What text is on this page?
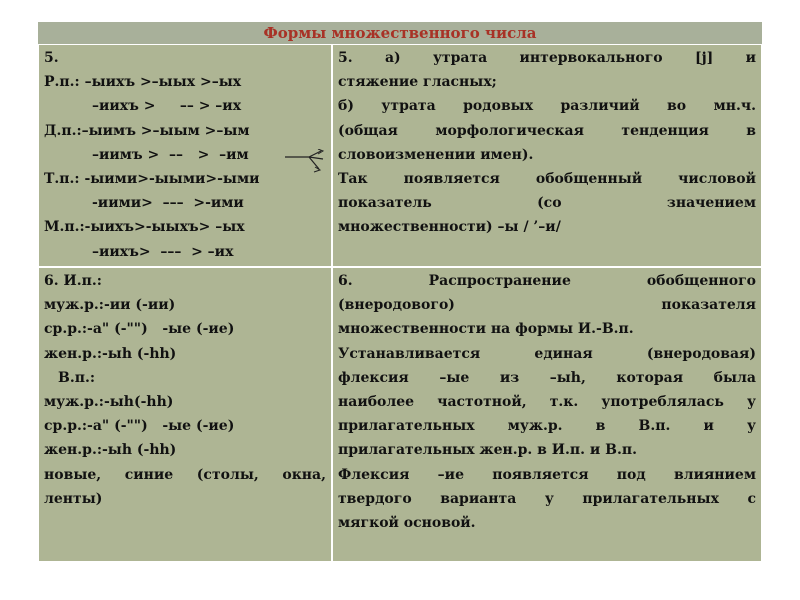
Формы множественного числа
5.
Р.п.: –ыихъ >–ыых >–ых
–иихъ >     –– > –их
Д.п.:–ыимъ >–ыым >–ым
–иимъ >  ––   >  –им
Т.п.: -ыими>-ыыми>-ыми
-иими>  –––  >-ими
М.п.:-ыихъ>-ыыхъ> –ых
–иихъ>  –––  > –их
5. а) утрата интервокального [j] и
стяжение гласных;
б) утрата родовых различий во мн.ч.
(общая морфологическая тенденция в
словоизменении имен).
Так появляется обобщенный числовой
показатель (со значением
множественности) –ы / ’–и/
6. И.п.:
муж.р.:-ии (-ии)
ср.р.:-а" (-"")   -ые (-ие)
жен.р.:-ыһ (-һһ)
В.п.:
муж.р.:-ыһ(-һһ)
ср.р.:-а" (-"")   -ые (-ие)
жен.р.:-ыһ (-һһ)
новые, синие (столы, окна,
ленты)
6. Распространение обобщенного
(внеродового) показателя
множественности на формы И.-В.п.
Устанавливается единая (внеродовая)
флексия –ые из –ыһ, которая была
наиболее частотной, т.к. употреблялась у
прилагательных муж.р. в В.п. и у
прилагательных жен.р. в И.п. и В.п.
Флексия –ие появляется под влиянием
твердого варианта у прилагательных с
мягкой основой.
